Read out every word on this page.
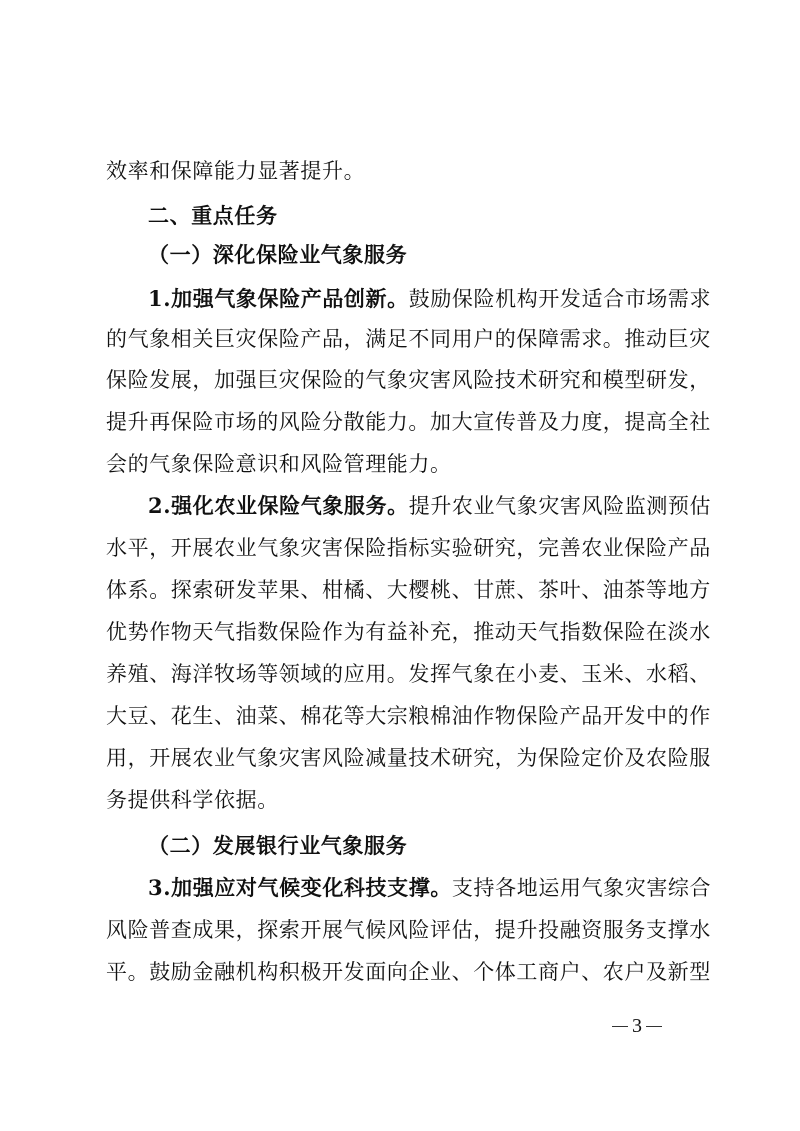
效率和保障能力显著提升。
二、重点任务
（一）深化保险业气象服务
1.加强气象保险产品创新。鼓励保险机构开发适合市场需求
的气象相关巨灾保险产品，满足不同用户的保障需求。推动巨灾
保险发展，加强巨灾保险的气象灾害风险技术研究和模型研发，
提升再保险市场的风险分散能力。加大宣传普及力度，提高全社
会的气象保险意识和风险管理能力。
2.强化农业保险气象服务。提升农业气象灾害风险监测预估
水平，开展农业气象灾害保险指标实验研究，完善农业保险产品
体系。探索研发苹果、柑橘、大樱桃、甘蔗、茶叶、油茶等地方
优势作物天气指数保险作为有益补充，推动天气指数保险在淡水
养殖、海洋牧场等领域的应用。发挥气象在小麦、玉米、水稻、
大豆、花生、油菜、棉花等大宗粮棉油作物保险产品开发中的作
用，开展农业气象灾害风险减量技术研究，为保险定价及农险服
务提供科学依据。
（二）发展银行业气象服务
3.加强应对气候变化科技支撑。支持各地运用气象灾害综合
风险普查成果，探索开展气候风险评估，提升投融资服务支撑水
平。鼓励金融机构积极开发面向企业、个体工商户、农户及新型
3
